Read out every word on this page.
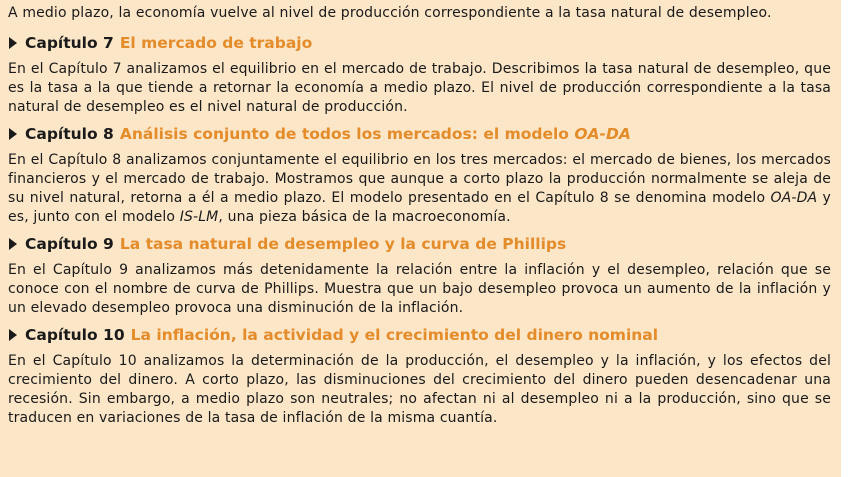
A medio plazo, la economía vuelve al nivel de producción correspondiente a la tasa natural de desempleo.

Capítulo 7 El mercado de trabajo

En el Capítulo 7 analizamos el equilibrio en el mercado de trabajo. Describimos la tasa natural de desempleo, que es la tasa a la que tiende a retornar la economía a medio plazo. El nivel de producción correspondiente a la tasa natural de desempleo es el nivel natural de producción.

Capítulo 8 Análisis conjunto de todos los mercados: el modelo OA-DA

En el Capítulo 8 analizamos conjuntamente el equilibrio en los tres mercados: el mercado de bienes, los mercados financieros y el mercado de trabajo. Mostramos que aunque a corto plazo la producción normalmente se aleja de su nivel natural, retorna a él a medio plazo. El modelo presentado en el Capítulo 8 se denomina modelo OA-DA y es, junto con el modelo IS-LM, una pieza básica de la macroeconomía.

Capítulo 9 La tasa natural de desempleo y la curva de Phillips

En el Capítulo 9 analizamos más detenidamente la relación entre la inflación y el desempleo, relación que se conoce con el nombre de curva de Phillips. Muestra que un bajo desempleo provoca un aumento de la inflación y un elevado desempleo provoca una disminución de la inflación.

Capítulo 10 La inflación, la actividad y el crecimiento del dinero nominal

En el Capítulo 10 analizamos la determinación de la producción, el desempleo y la inflación, y los efectos del crecimiento del dinero. A corto plazo, las disminuciones del crecimiento del dinero pueden desencadenar una recesión. Sin embargo, a medio plazo son neutrales; no afectan ni al desempleo ni a la producción, sino que se traducen en variaciones de la tasa de inflación de la misma cuantía.
